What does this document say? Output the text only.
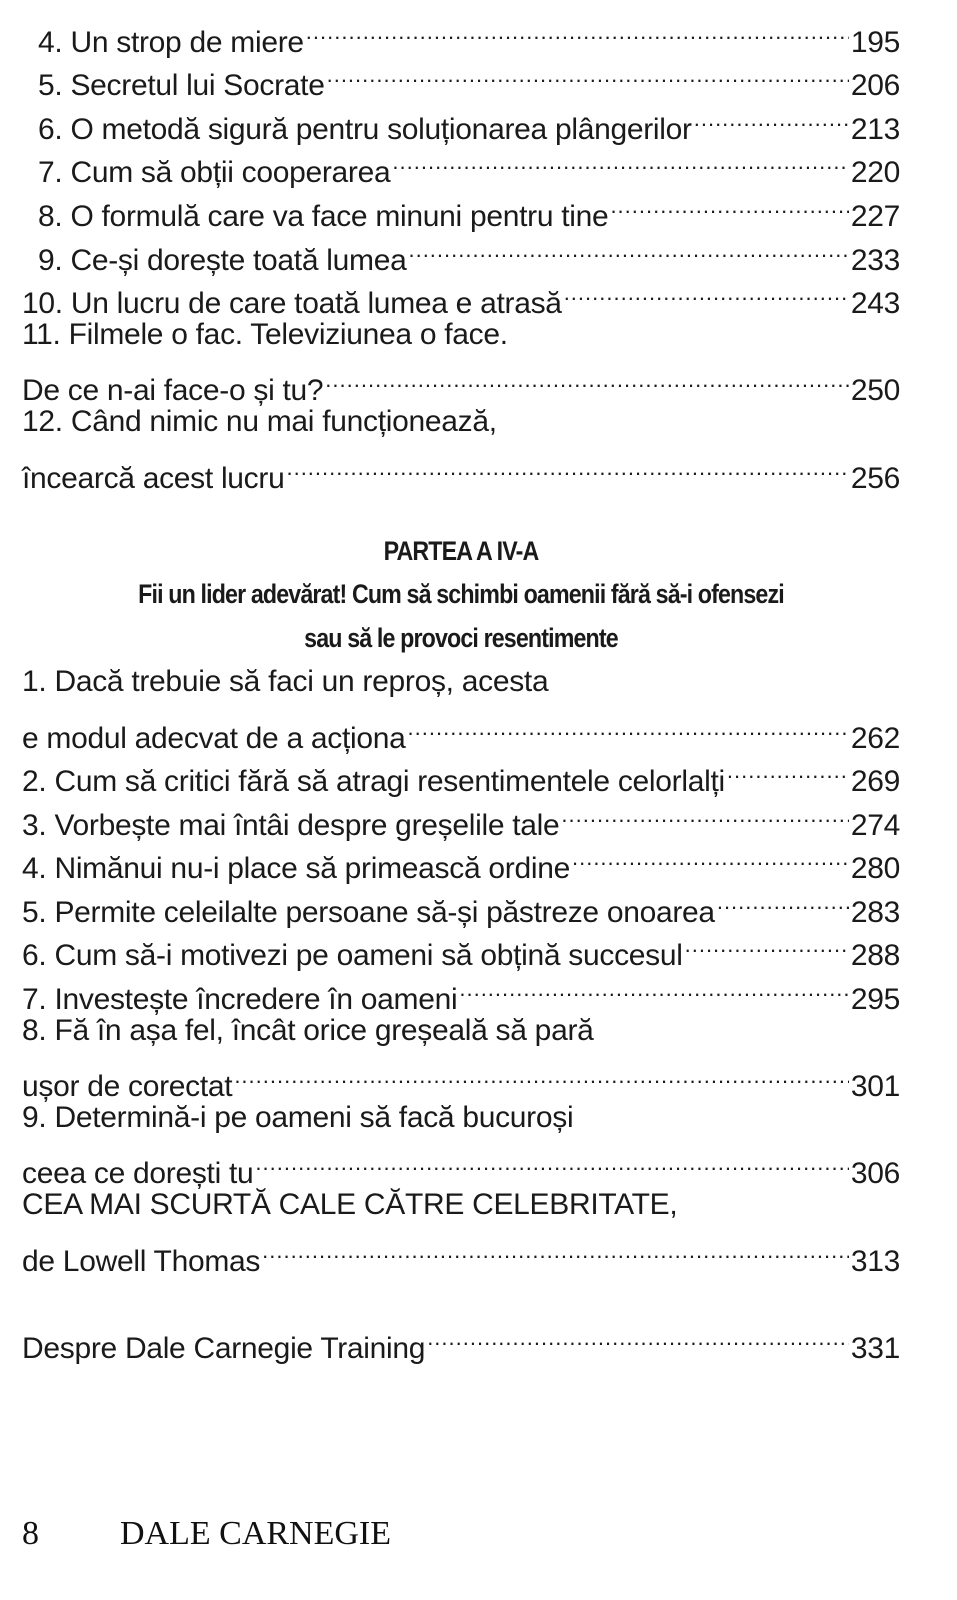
4. Un strop de miere .....	195
5. Secretul lui Socrate .....	206
6. O metodă sigură pentru soluționarea plângerilor .....	213
7. Cum să obții cooperarea .....	220
8. O formulă care va face minuni pentru tine .....	227
9. Ce-și dorește toată lumea .....	233
10. Un lucru de care toată lumea e atrasă .....	243
11. Filmele o fac. Televiziunea o face.
De ce n-ai face-o și tu? .....	250
12. Când nimic nu mai funcționează,
încearcă acest lucru .....	256
PARTEA A IV-A
Fii un lider adevărat! Cum să schimbi oamenii fără să-i ofensezi
sau să le provoci resentimente
1. Dacă trebuie să faci un reproș, acesta
e modul adecvat de a acționa .....	262
2. Cum să critici fără să atragi resentimentele celorlalți .....	269
3. Vorbește mai întâi despre greșelile tale .....	274
4. Nimănui nu-i place să primească ordine .....	280
5. Permite celeilalte persoane să-și păstreze onoarea .....	283
6. Cum să-i motivezi pe oameni să obțină succesul .....	288
7. Investește încredere în oameni .....	295
8. Fă în așa fel, încât orice greșeală să pară
ușor de corectat .....	301
9. Determină-i pe oameni să facă bucuroși
ceea ce dorești tu .....	306
CEA MAI SCURTĂ CALE CĂTRE CELEBRITATE,
de Lowell Thomas .....	313
Despre Dale Carnegie Training .....	331
8	DALE CARNEGIE
